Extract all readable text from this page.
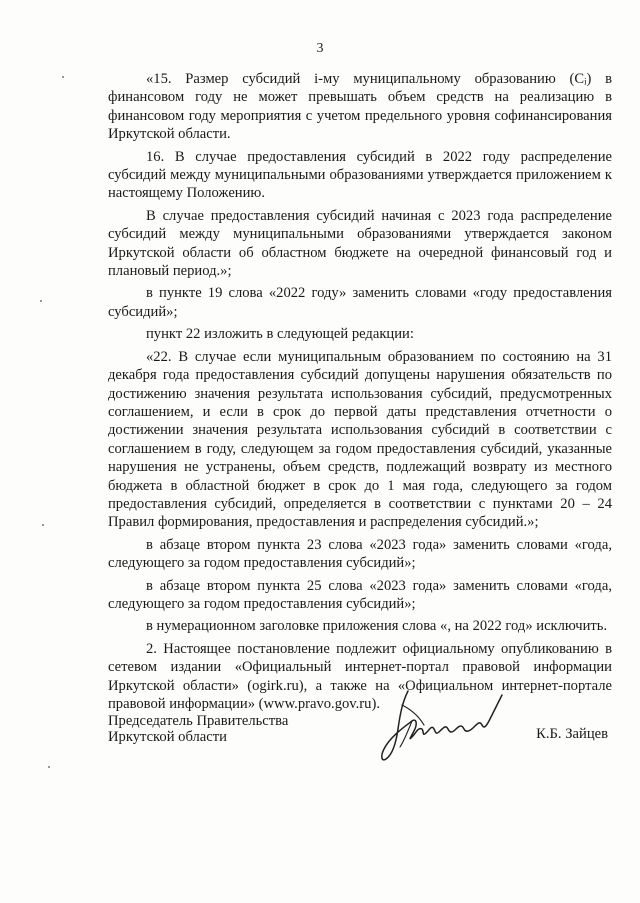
3

«15. Размер субсидий i-му муниципальному образованию (Cᵢ) в финансовом году не может превышать объем средств на реализацию в финансовом году мероприятия с учетом предельного уровня софинансирования Иркутской области.

16. В случае предоставления субсидий в 2022 году распределение субсидий между муниципальными образованиями утверждается приложением к настоящему Положению.

В случае предоставления субсидий начиная с 2023 года распределение субсидий между муниципальными образованиями утверждается законом Иркутской области об областном бюджете на очередной финансовый год и плановый период.»;

в пункте 19 слова «2022 году» заменить словами «году предоставления субсидий»;

пункт 22 изложить в следующей редакции:

«22. В случае если муниципальным образованием по состоянию на 31 декабря года предоставления субсидий допущены нарушения обязательств по достижению значения результата использования субсидий, предусмотренных соглашением, и если в срок до первой даты представления отчетности о достижении значения результата использования субсидий в соответствии с соглашением в году, следующем за годом предоставления субсидий, указанные нарушения не устранены, объем средств, подлежащий возврату из местного бюджета в областной бюджет в срок до 1 мая года, следующего за годом предоставления субсидий, определяется в соответствии с пунктами 20 – 24 Правил формирования, предоставления и распределения субсидий.»;

в абзаце втором пункта 23 слова «2023 года» заменить словами «года, следующего за годом предоставления субсидий»;

в абзаце втором пункта 25 слова «2023 года» заменить словами «года, следующего за годом предоставления субсидий»;

в нумерационном заголовке приложения слова «, на 2022 год» исключить.

2. Настоящее постановление подлежит официальному опубликованию в сетевом издании «Официальный интернет-портал правовой информации Иркутской области» (ogirk.ru), а также на «Официальном интернет-портале правовой информации» (www.pravo.gov.ru).

Председатель Правительства
Иркутской области	К.Б. Зайцев
